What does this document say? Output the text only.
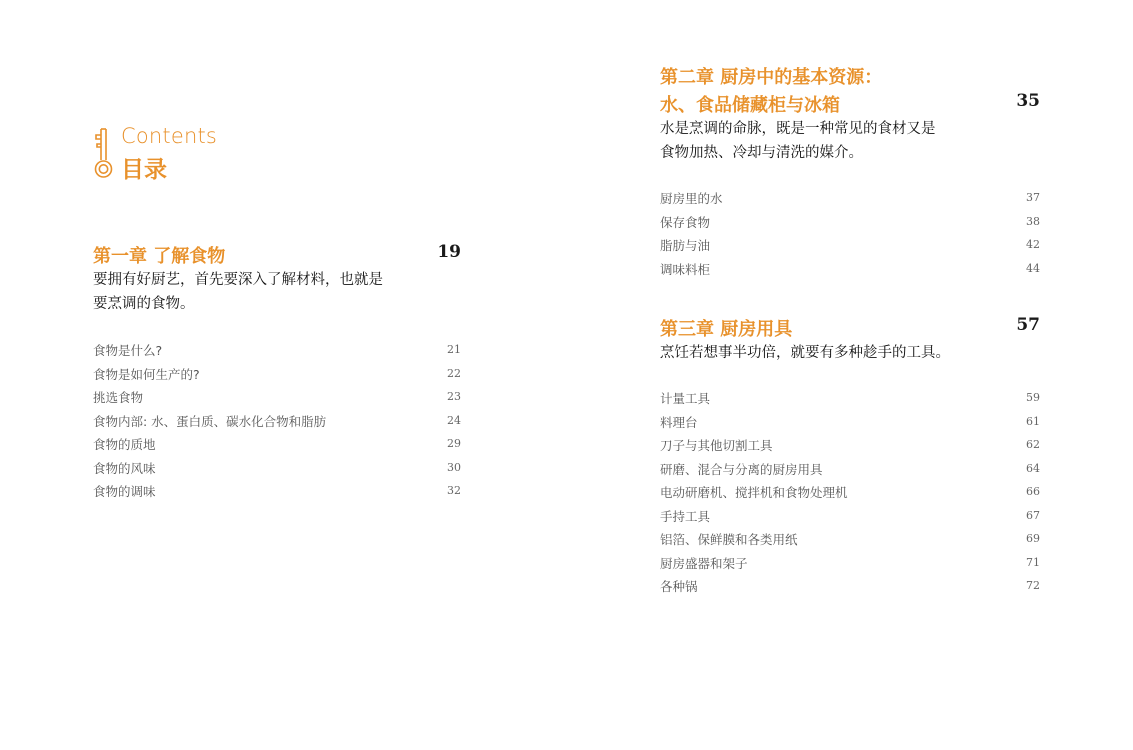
Contents
目录
第一章 了解食物	19
要拥有好厨艺，首先要深入了解材料，也就是
要烹调的食物。
食物是什么?	21
食物是如何生产的?	22
挑选食物	23
食物内部: 水、蛋白质、碳水化合物和脂肪	24
食物的质地	29
食物的风味	30
食物的调味	32
第二章 厨房中的基本资源：
水、食品储藏柜与冰箱	35
水是烹调的命脉，既是一种常见的食材又是
食物加热、冷却与清洗的媒介。
厨房里的水	37
保存食物	38
脂肪与油	42
调味料柜	44
第三章 厨房用具	57
烹饪若想事半功倍，就要有多种趁手的工具。
计量工具	59
料理台	61
刀子与其他切割工具	62
研磨、混合与分离的厨房用具	64
电动研磨机、搅拌机和食物处理机	66
手持工具	67
铝箔、保鲜膜和各类用纸	69
厨房盛器和架子	71
各种锅	72
